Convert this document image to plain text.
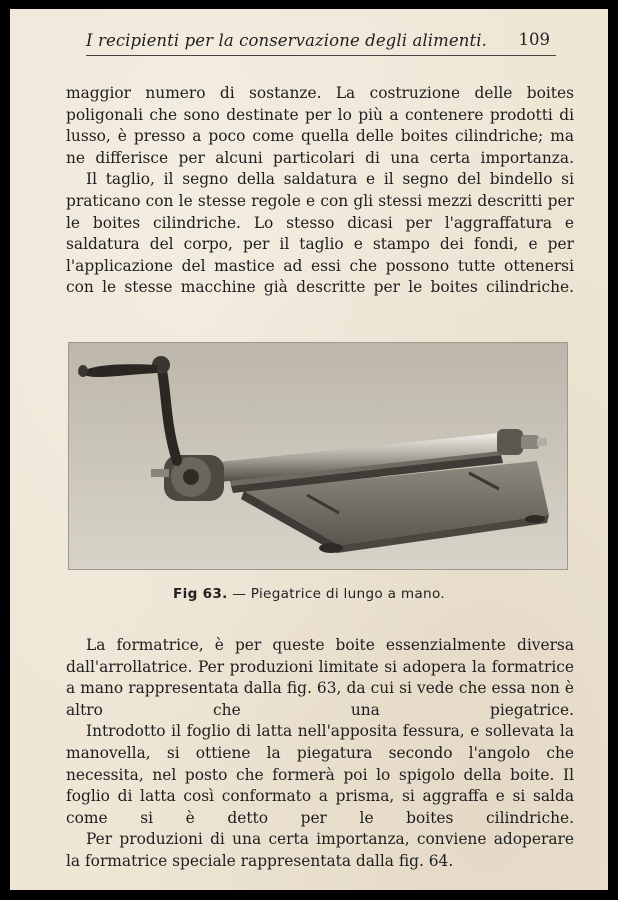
I recipienti per la conservazione degli alimenti. 109

maggior numero di sostanze. La costruzione delle boites poligonali che sono destinate per lo più a contenere prodotti di lusso, è presso a poco come quella delle boites cilindriche; ma ne differisce per alcuni particolari di una certa importanza.

Il taglio, il segno della saldatura e il segno del bindello si praticano con le stesse regole e con gli stessi mezzi descritti per le boites cilindriche. Lo stesso dicasi per l'aggraffatura e saldatura del corpo, per il taglio e stampo dei fondi, e per l'applicazione del mastice ad essi che possono tutte ottenersi con le stesse macchine già descritte per le boites cilindriche.

Fig 63. — Piegatrice di lungo a mano.

La formatrice, è per queste boite essenzialmente diversa dall'arrollatrice. Per produzioni limitate si adopera la formatrice a mano rappresentata dalla fig. 63, da cui si vede che essa non è altro che una piegatrice.

Introdotto il foglio di latta nell'apposita fessura, e sollevata la manovella, si ottiene la piegatura secondo l'angolo che necessita, nel posto che formerà poi lo spigolo della boite. Il foglio di latta così conformato a prisma, si aggraffa e si salda come si è detto per le boites cilindriche.

Per produzioni di una certa importanza, conviene adoperare la formatrice speciale rappresentata dalla fig. 64.
